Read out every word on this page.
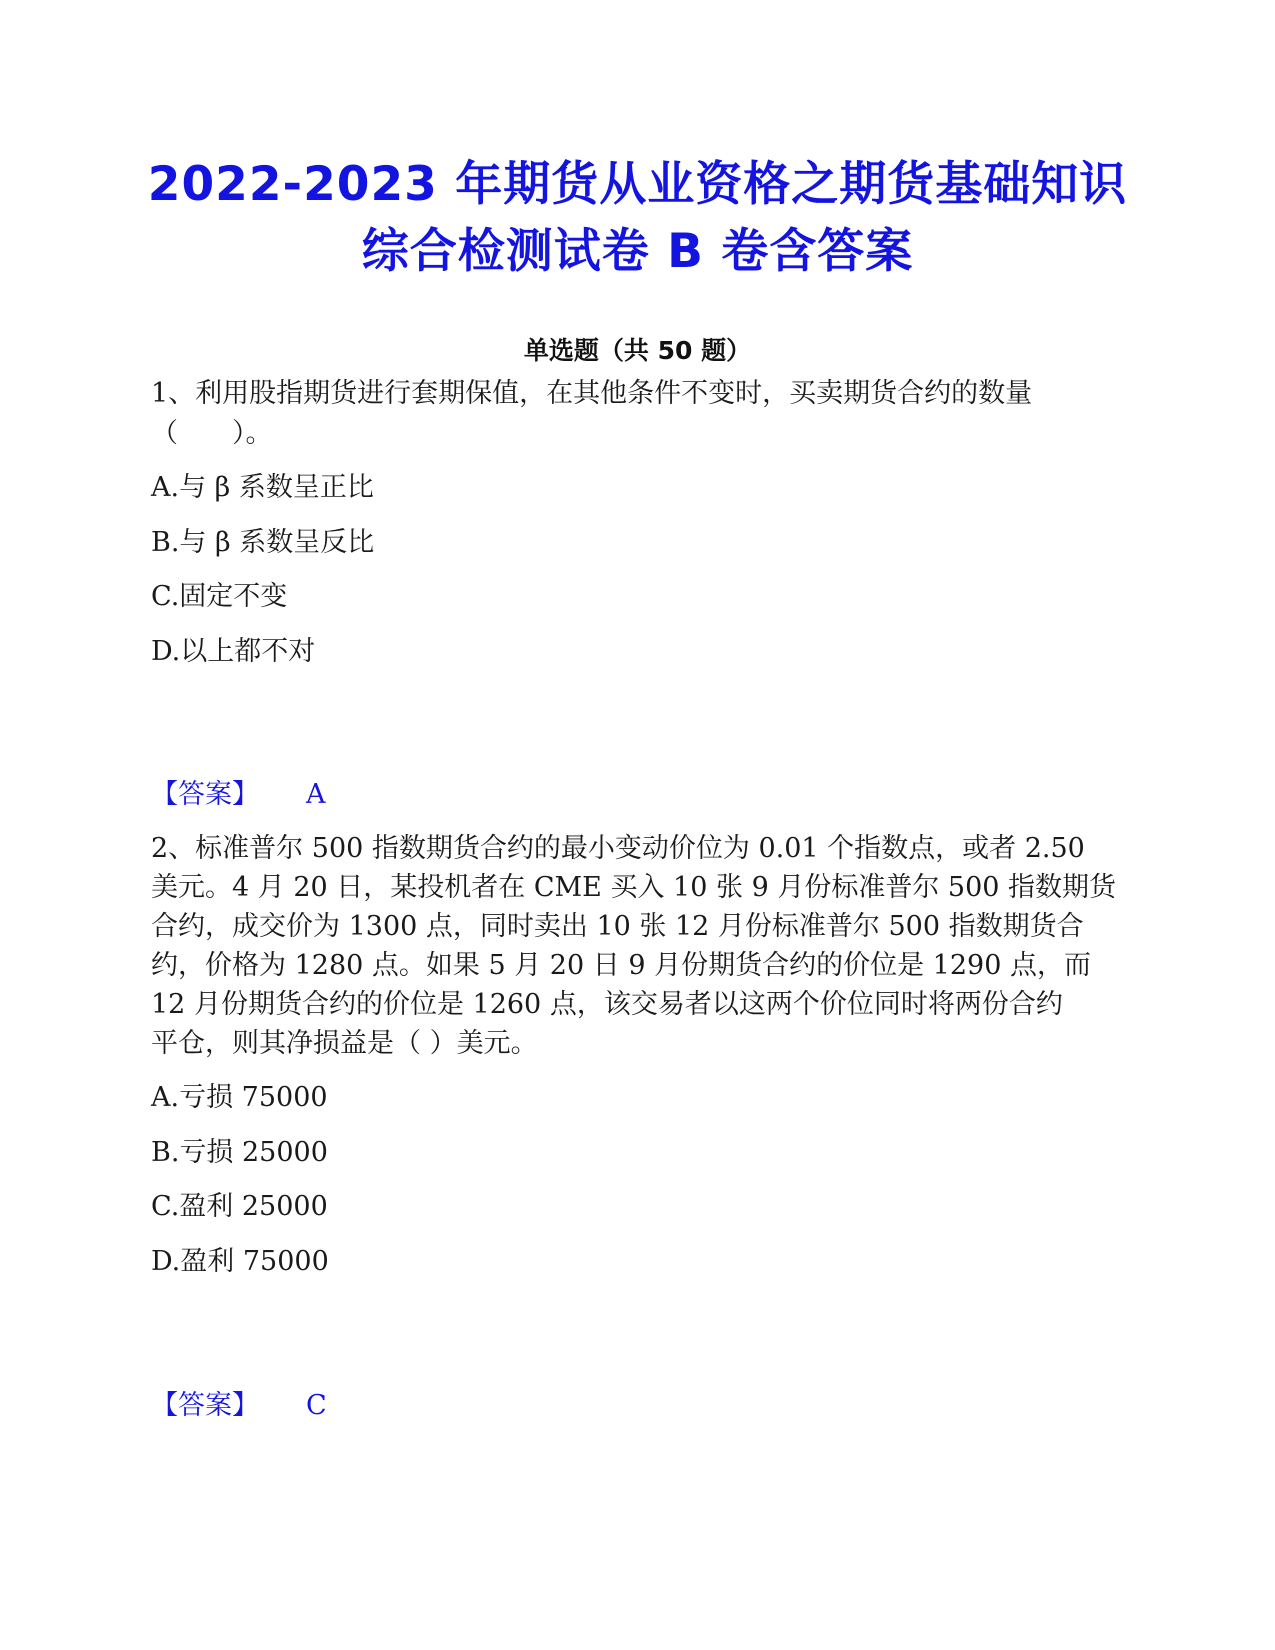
2022-2023 年期货从业资格之期货基础知识
综合检测试卷 B 卷含答案
单选题（共 50 题）
1、利用股指期货进行套期保值，在其他条件不变时，买卖期货合约的数量
（　　）。
A.与 β 系数呈正比
B.与 β 系数呈反比
C.固定不变
D.以上都不对
【答案】 A
2、标准普尔 500 指数期货合约的最小变动价位为 0.01 个指数点，或者 2.50
美元。4 月 20 日，某投机者在 CME 买入 10 张 9 月份标准普尔 500 指数期货
合约，成交价为 1300 点，同时卖出 10 张 12 月份标准普尔 500 指数期货合
约，价格为 1280 点。如果 5 月 20 日 9 月份期货合约的价位是 1290 点，而
12 月份期货合约的价位是 1260 点，该交易者以这两个价位同时将两份合约
平仓，则其净损益是（ ）美元。
A.亏损 75000
B.亏损 25000
C.盈利 25000
D.盈利 75000
【答案】 C
